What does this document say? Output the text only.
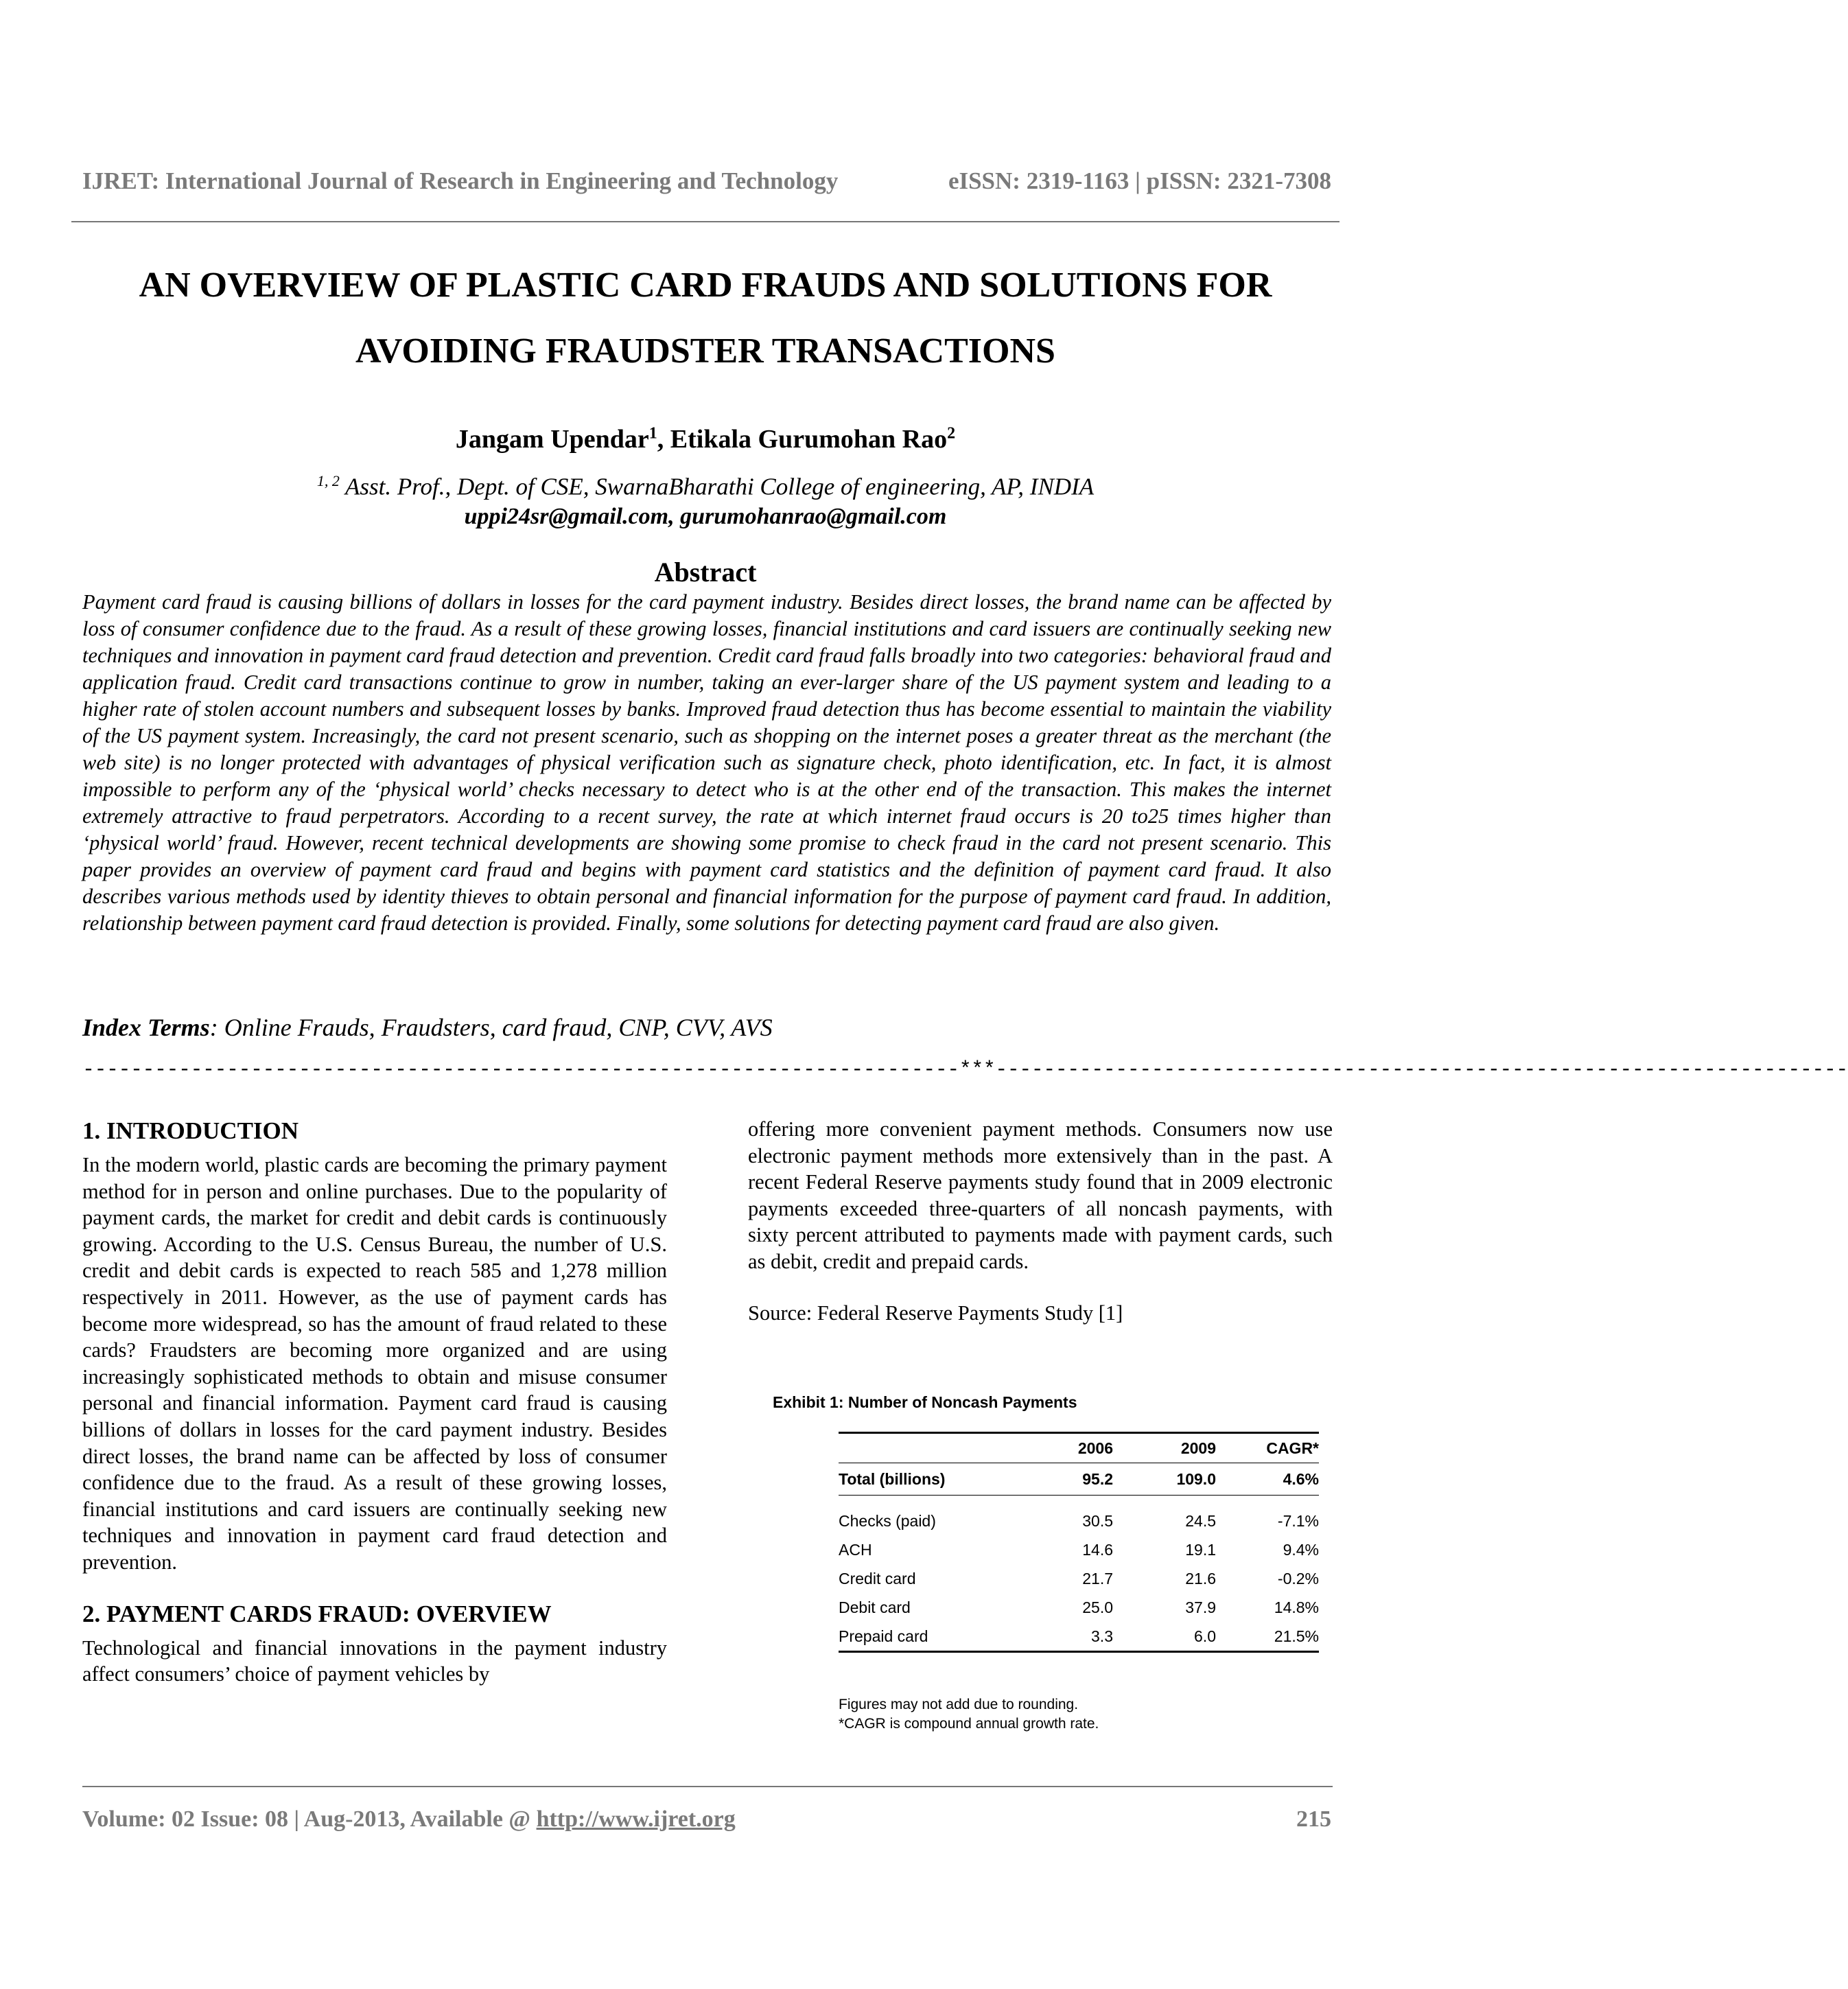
IJRET: International Journal of Research in Engineering and Technology	eISSN: 2319-1163 | pISSN: 2321-7308
AN OVERVIEW OF PLASTIC CARD FRAUDS AND SOLUTIONS FOR
AVOIDING FRAUDSTER TRANSACTIONS
Jangam Upendar$^1$, Etikala Gurumohan Rao$^2$
$^{1, 2}$ Asst. Prof., Dept. of CSE, SwarnaBharathi College of engineering, AP, INDIA
uppi24sr@gmail.com, gurumohanrao@gmail.com
Abstract
Payment card fraud is causing billions of dollars in losses for the card payment industry. Besides direct losses, the brand name can be affected by loss of consumer confidence due to the fraud. As a result of these growing losses, financial institutions and card issuers are continually seeking new techniques and innovation in payment card fraud detection and prevention. Credit card fraud falls broadly into two categories: behavioral fraud and application fraud. Credit card transactions continue to grow in number, taking an ever-larger share of the US payment system and leading to a higher rate of stolen account numbers and subsequent losses by banks. Improved fraud detection thus has become essential to maintain the viability of the US payment system. Increasingly, the card not present scenario, such as shopping on the internet poses a greater threat as the merchant (the web site) is no longer protected with advantages of physical verification such as signature check, photo identification, etc. In fact, it is almost impossible to perform any of the ‘physical world’ checks necessary to detect who is at the other end of the transaction. This makes the internet extremely attractive to fraud perpetrators. According to a recent survey, the rate at which internet fraud occurs is 20 to25 times higher than ‘physical world’ fraud. However, recent technical developments are showing some promise to check fraud in the card not present scenario. This paper provides an overview of payment card fraud and begins with payment card statistics and the definition of payment card fraud. It also describes various methods used by identity thieves to obtain personal and financial information for the purpose of payment card fraud. In addition, relationship between payment card fraud detection is provided. Finally, some solutions for detecting payment card fraud are also given.
Index Terms: Online Frauds, Fraudsters, card fraud, CNP, CVV, AVS
-------------------------------------------------------------------------***-----------------------------------------------------------------------
1. INTRODUCTION

In the modern world, plastic cards are becoming the primary payment method for in person and online purchases. Due to the popularity of payment cards, the market for credit and debit cards is continuously growing. According to the U.S. Census Bureau, the number of U.S. credit and debit cards is expected to reach 585 and 1,278 million respectively in 2011. However, as the use of payment cards has become more widespread, so has the amount of fraud related to these cards? Fraudsters are becoming more organized and are using increasingly sophisticated methods to obtain and misuse consumer personal and financial information. Payment card fraud is causing billions of dollars in losses for the card payment industry. Besides direct losses, the brand name can be affected by loss of consumer confidence due to the fraud. As a result of these growing losses, financial institutions and card issuers are continually seeking new techniques and innovation in payment card fraud detection and prevention.

2. PAYMENT CARDS FRAUD: OVERVIEW

Technological and financial innovations in the payment industry affect consumers’ choice of payment vehicles by

offering more convenient payment methods. Consumers now use electronic payment methods more extensively than in the past. A recent Federal Reserve payments study found that in 2009 electronic payments exceeded three-quarters of all noncash payments, with sixty percent attributed to payments made with payment cards, such as debit, credit and prepaid cards.

Source: Federal Reserve Payments Study [1]

Exhibit 1: Number of Noncash Payments
	2006	2009	CAGR*
Total (billions)	95.2	109.0	4.6%

Checks (paid)	30.5	24.5	-7.1%
ACH	14.6	19.1	9.4%
Credit card	21.7	21.6	-0.2%
Debit card	25.0	37.9	14.8%
Prepaid card	3.3	6.0	21.5%
Figures may not add due to rounding.
*CAGR is compound annual growth rate.
Volume: 02 Issue: 08 | Aug-2013, Available @ http://www.ijret.org	215
